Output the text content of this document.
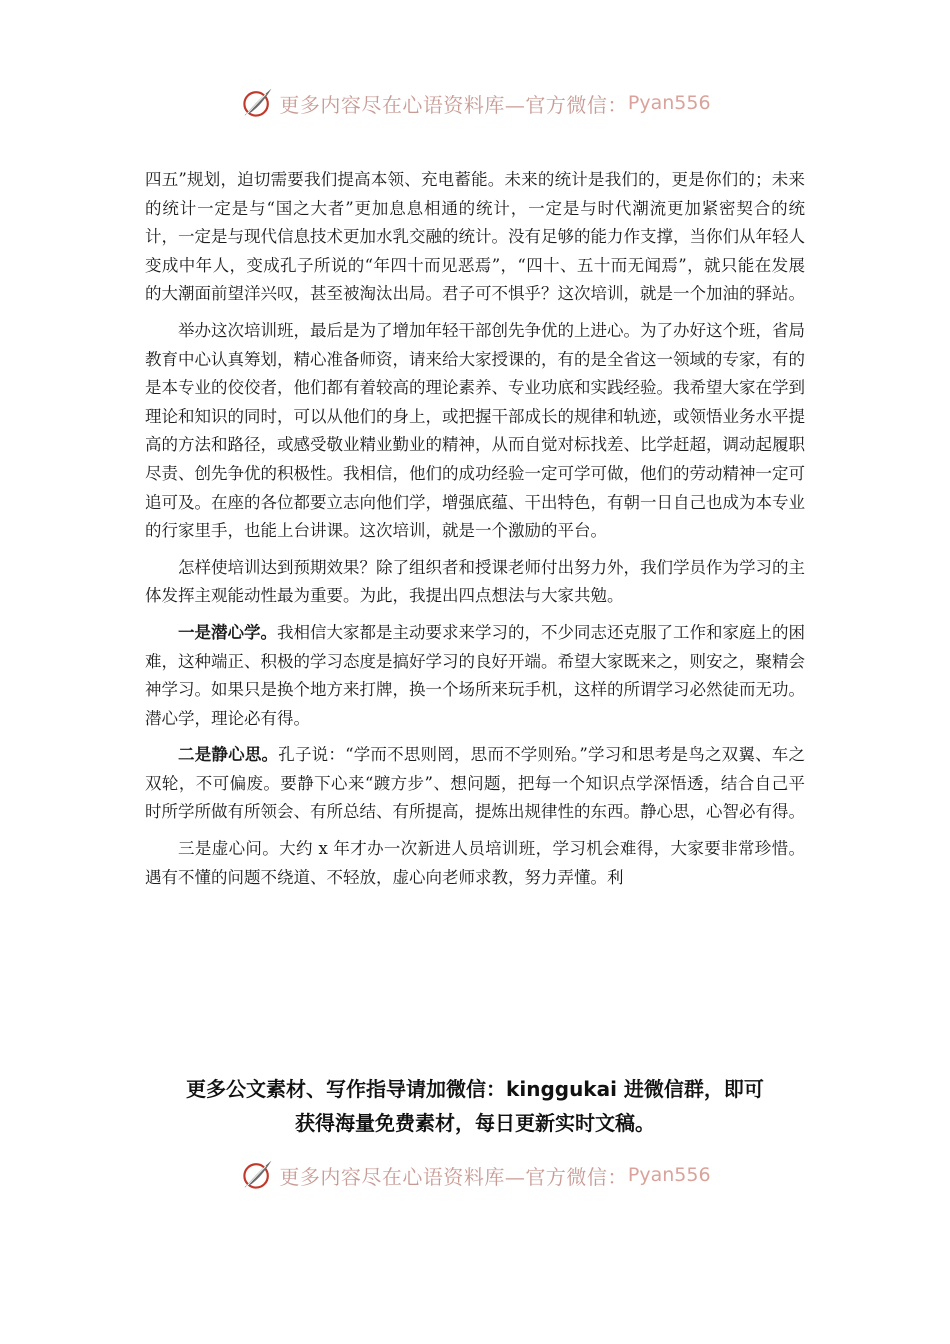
更多内容尽在心语资料库—官方微信： Pyan556

四五”规划，迫切需要我们提高本领、充电蓄能。未来的统计是我们的，更是你们的；未来的统计一定是与“国之大者”更加息息相通的统计，一定是与时代潮流更加紧密契合的统计，一定是与现代信息技术更加水乳交融的统计。没有足够的能力作支撑，当你们从年轻人变成中年人，变成孔子所说的“年四十而见恶焉”，“四十、五十而无闻焉”，就只能在发展的大潮面前望洋兴叹，甚至被淘汰出局。君子可不惧乎？这次培训，就是一个加油的驿站。

举办这次培训班，最后是为了增加年轻干部创先争优的上进心。为了办好这个班，省局教育中心认真筹划，精心准备师资，请来给大家授课的，有的是全省这一领域的专家，有的是本专业的佼佼者，他们都有着较高的理论素养、专业功底和实践经验。我希望大家在学到理论和知识的同时，可以从他们的身上，或把握干部成长的规律和轨迹，或领悟业务水平提高的方法和路径，或感受敬业精业勤业的精神，从而自觉对标找差、比学赶超，调动起履职尽责、创先争优的积极性。我相信，他们的成功经验一定可学可做，他们的劳动精神一定可追可及。在座的各位都要立志向他们学，增强底蕴、干出特色，有朝一日自己也成为本专业的行家里手，也能上台讲课。这次培训，就是一个激励的平台。

怎样使培训达到预期效果？除了组织者和授课老师付出努力外，我们学员作为学习的主体发挥主观能动性最为重要。为此，我提出四点想法与大家共勉。

一是潜心学。我相信大家都是主动要求来学习的，不少同志还克服了工作和家庭上的困难，这种端正、积极的学习态度是搞好学习的良好开端。希望大家既来之，则安之，聚精会神学习。如果只是换个地方来打牌，换一个场所来玩手机，这样的所谓学习必然徒而无功。潜心学，理论必有得。

二是静心思。孔子说：“学而不思则罔，思而不学则殆。”学习和思考是鸟之双翼、车之双轮，不可偏废。要静下心来“踱方步”、想问题，把每一个知识点学深悟透，结合自己平时所学所做有所领会、有所总结、有所提高，提炼出规律性的东西。静心思，心智必有得。

三是虚心问。大约 x 年才办一次新进人员培训班，学习机会难得，大家要非常珍惜。遇有不懂的问题不绕道、不轻放，虚心向老师求教，努力弄懂。利

更多公文素材、写作指导请加微信：kinggukai 进微信群，即可
获得海量免费素材，每日更新实时文稿。
更多内容尽在心语资料库—官方微信： Pyan556
